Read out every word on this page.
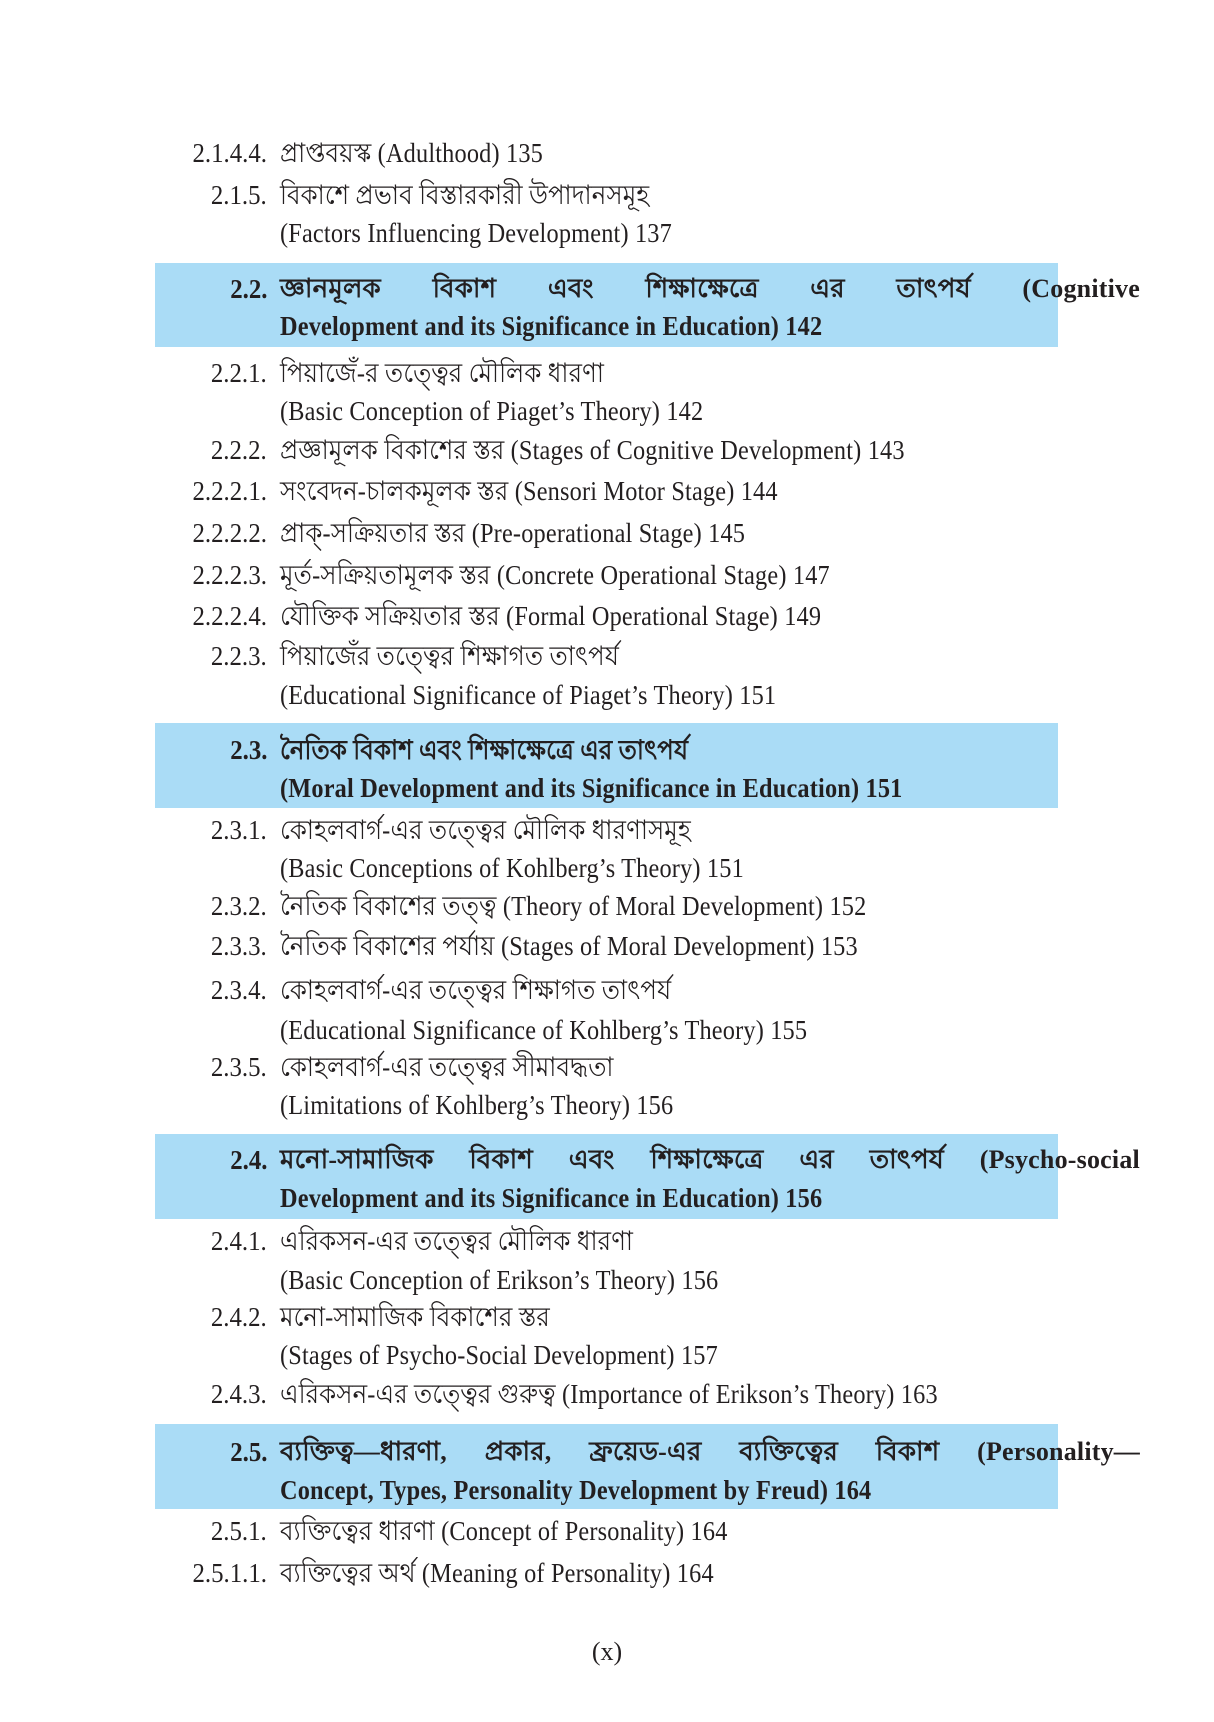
2.1.4.4. প্রাপ্তবয়স্ক (Adulthood) 135
2.1.5. বিকাশে প্রভাব বিস্তারকারী উপাদানসমূহ
(Factors Influencing Development) 137
2.2. জ্ঞানমূলক বিকাশ এবং শিক্ষাক্ষেত্রে এর তাৎপর্য (Cognitive
Development and its Significance in Education) 142
2.2.1. পিয়াজেঁ-র তত্ত্বের মৌলিক ধারণা
(Basic Conception of Piaget’s Theory) 142
2.2.2. প্রজ্ঞামূলক বিকাশের স্তর (Stages of Cognitive Development) 143
2.2.2.1. সংবেদন-চালকমূলক স্তর (Sensori Motor Stage) 144
2.2.2.2. প্রাক্-সক্রিয়তার স্তর (Pre-operational Stage) 145
2.2.2.3. মূর্ত-সক্রিয়তামূলক স্তর (Concrete Operational Stage) 147
2.2.2.4. যৌক্তিক সক্রিয়তার স্তর (Formal Operational Stage) 149
2.2.3. পিয়াজেঁর তত্ত্বের শিক্ষাগত তাৎপর্য
(Educational Significance of Piaget’s Theory) 151
2.3. নৈতিক বিকাশ এবং শিক্ষাক্ষেত্রে এর তাৎপর্য
(Moral Development and its Significance in Education) 151
2.3.1. কোহলবার্গ-এর তত্ত্বের মৌলিক ধারণাসমূহ
(Basic Conceptions of Kohlberg’s Theory) 151
2.3.2. নৈতিক বিকাশের তত্ত্ব (Theory of Moral Development) 152
2.3.3. নৈতিক বিকাশের পর্যায় (Stages of Moral Development) 153
2.3.4. কোহলবার্গ-এর তত্ত্বের শিক্ষাগত তাৎপর্য
(Educational Significance of Kohlberg’s Theory) 155
2.3.5. কোহলবার্গ-এর তত্ত্বের সীমাবদ্ধতা
(Limitations of Kohlberg’s Theory) 156
2.4. মনো-সামাজিক বিকাশ এবং শিক্ষাক্ষেত্রে এর তাৎপর্য (Psycho-social
Development and its Significance in Education) 156
2.4.1. এরিকসন-এর তত্ত্বের মৌলিক ধারণা
(Basic Conception of Erikson’s Theory) 156
2.4.2. মনো-সামাজিক বিকাশের স্তর
(Stages of Psycho-Social Development) 157
2.4.3. এরিকসন-এর তত্ত্বের গুরুত্ব (Importance of Erikson’s Theory) 163
2.5. ব্যক্তিত্ব—ধারণা, প্রকার, ফ্রয়েড-এর ব্যক্তিত্বের বিকাশ (Personality—
Concept, Types, Personality Development by Freud) 164
2.5.1. ব্যক্তিত্বের ধারণা (Concept of Personality) 164
2.5.1.1. ব্যক্তিত্বের অর্থ (Meaning of Personality) 164
(x)
